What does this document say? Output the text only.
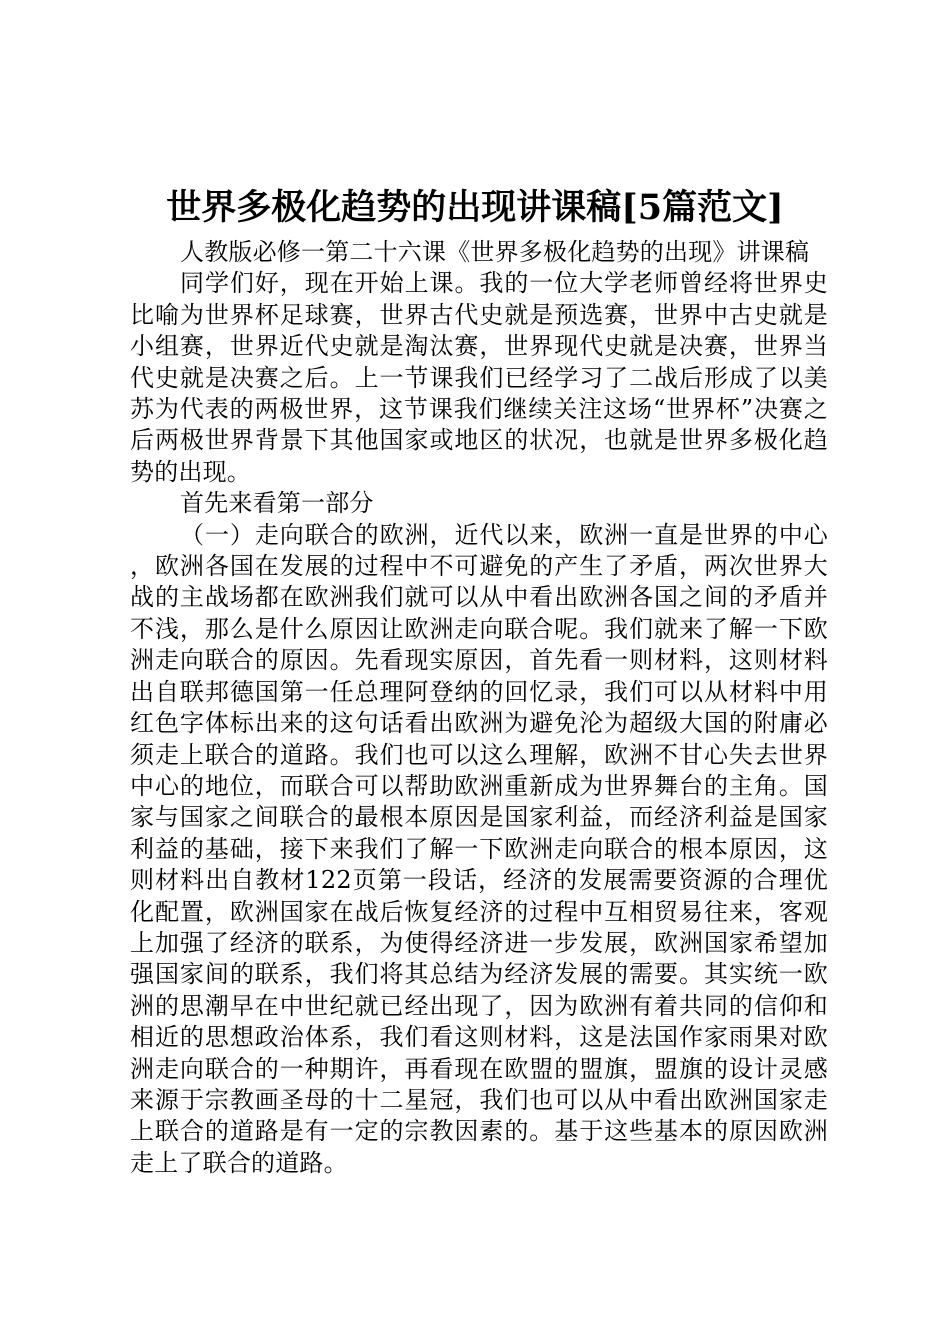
世界多极化趋势的出现讲课稿[5篇范文]

人教版必修一第二十六课《世界多极化趋势的出现》讲课稿

同学们好，现在开始上课。我的一位大学老师曾经将世界史比喻为世界杯足球赛，世界古代史就是预选赛，世界中古史就是小组赛，世界近代史就是淘汰赛，世界现代史就是决赛，世界当代史就是决赛之后。上一节课我们已经学习了二战后形成了以美苏为代表的两极世界，这节课我们继续关注这场“世界杯”决赛之后两极世界背景下其他国家或地区的状况，也就是世界多极化趋势的出现。

首先来看第一部分

（一）走向联合的欧洲，近代以来，欧洲一直是世界的中心，欧洲各国在发展的过程中不可避免的产生了矛盾，两次世界大战的主战场都在欧洲我们就可以从中看出欧洲各国之间的矛盾并不浅，那么是什么原因让欧洲走向联合呢。我们就来了解一下欧洲走向联合的原因。先看现实原因，首先看一则材料，这则材料出自联邦德国第一任总理阿登纳的回忆录，我们可以从材料中用红色字体标出来的这句话看出欧洲为避免沦为超级大国的附庸必须走上联合的道路。我们也可以这么理解，欧洲不甘心失去世界中心的地位，而联合可以帮助欧洲重新成为世界舞台的主角。国家与国家之间联合的最根本原因是国家利益，而经济利益是国家利益的基础，接下来我们了解一下欧洲走向联合的根本原因，这则材料出自教材122页第一段话，经济的发展需要资源的合理优化配置，欧洲国家在战后恢复经济的过程中互相贸易往来，客观上加强了经济的联系，为使得经济进一步发展，欧洲国家希望加强国家间的联系，我们将其总结为经济发展的需要。其实统一欧洲的思潮早在中世纪就已经出现了，因为欧洲有着共同的信仰和相近的思想政治体系，我们看这则材料，这是法国作家雨果对欧洲走向联合的一种期许，再看现在欧盟的盟旗，盟旗的设计灵感来源于宗教画圣母的十二星冠，我们也可以从中看出欧洲国家走上联合的道路是有一定的宗教因素的。基于这些基本的原因欧洲走上了联合的道路。
